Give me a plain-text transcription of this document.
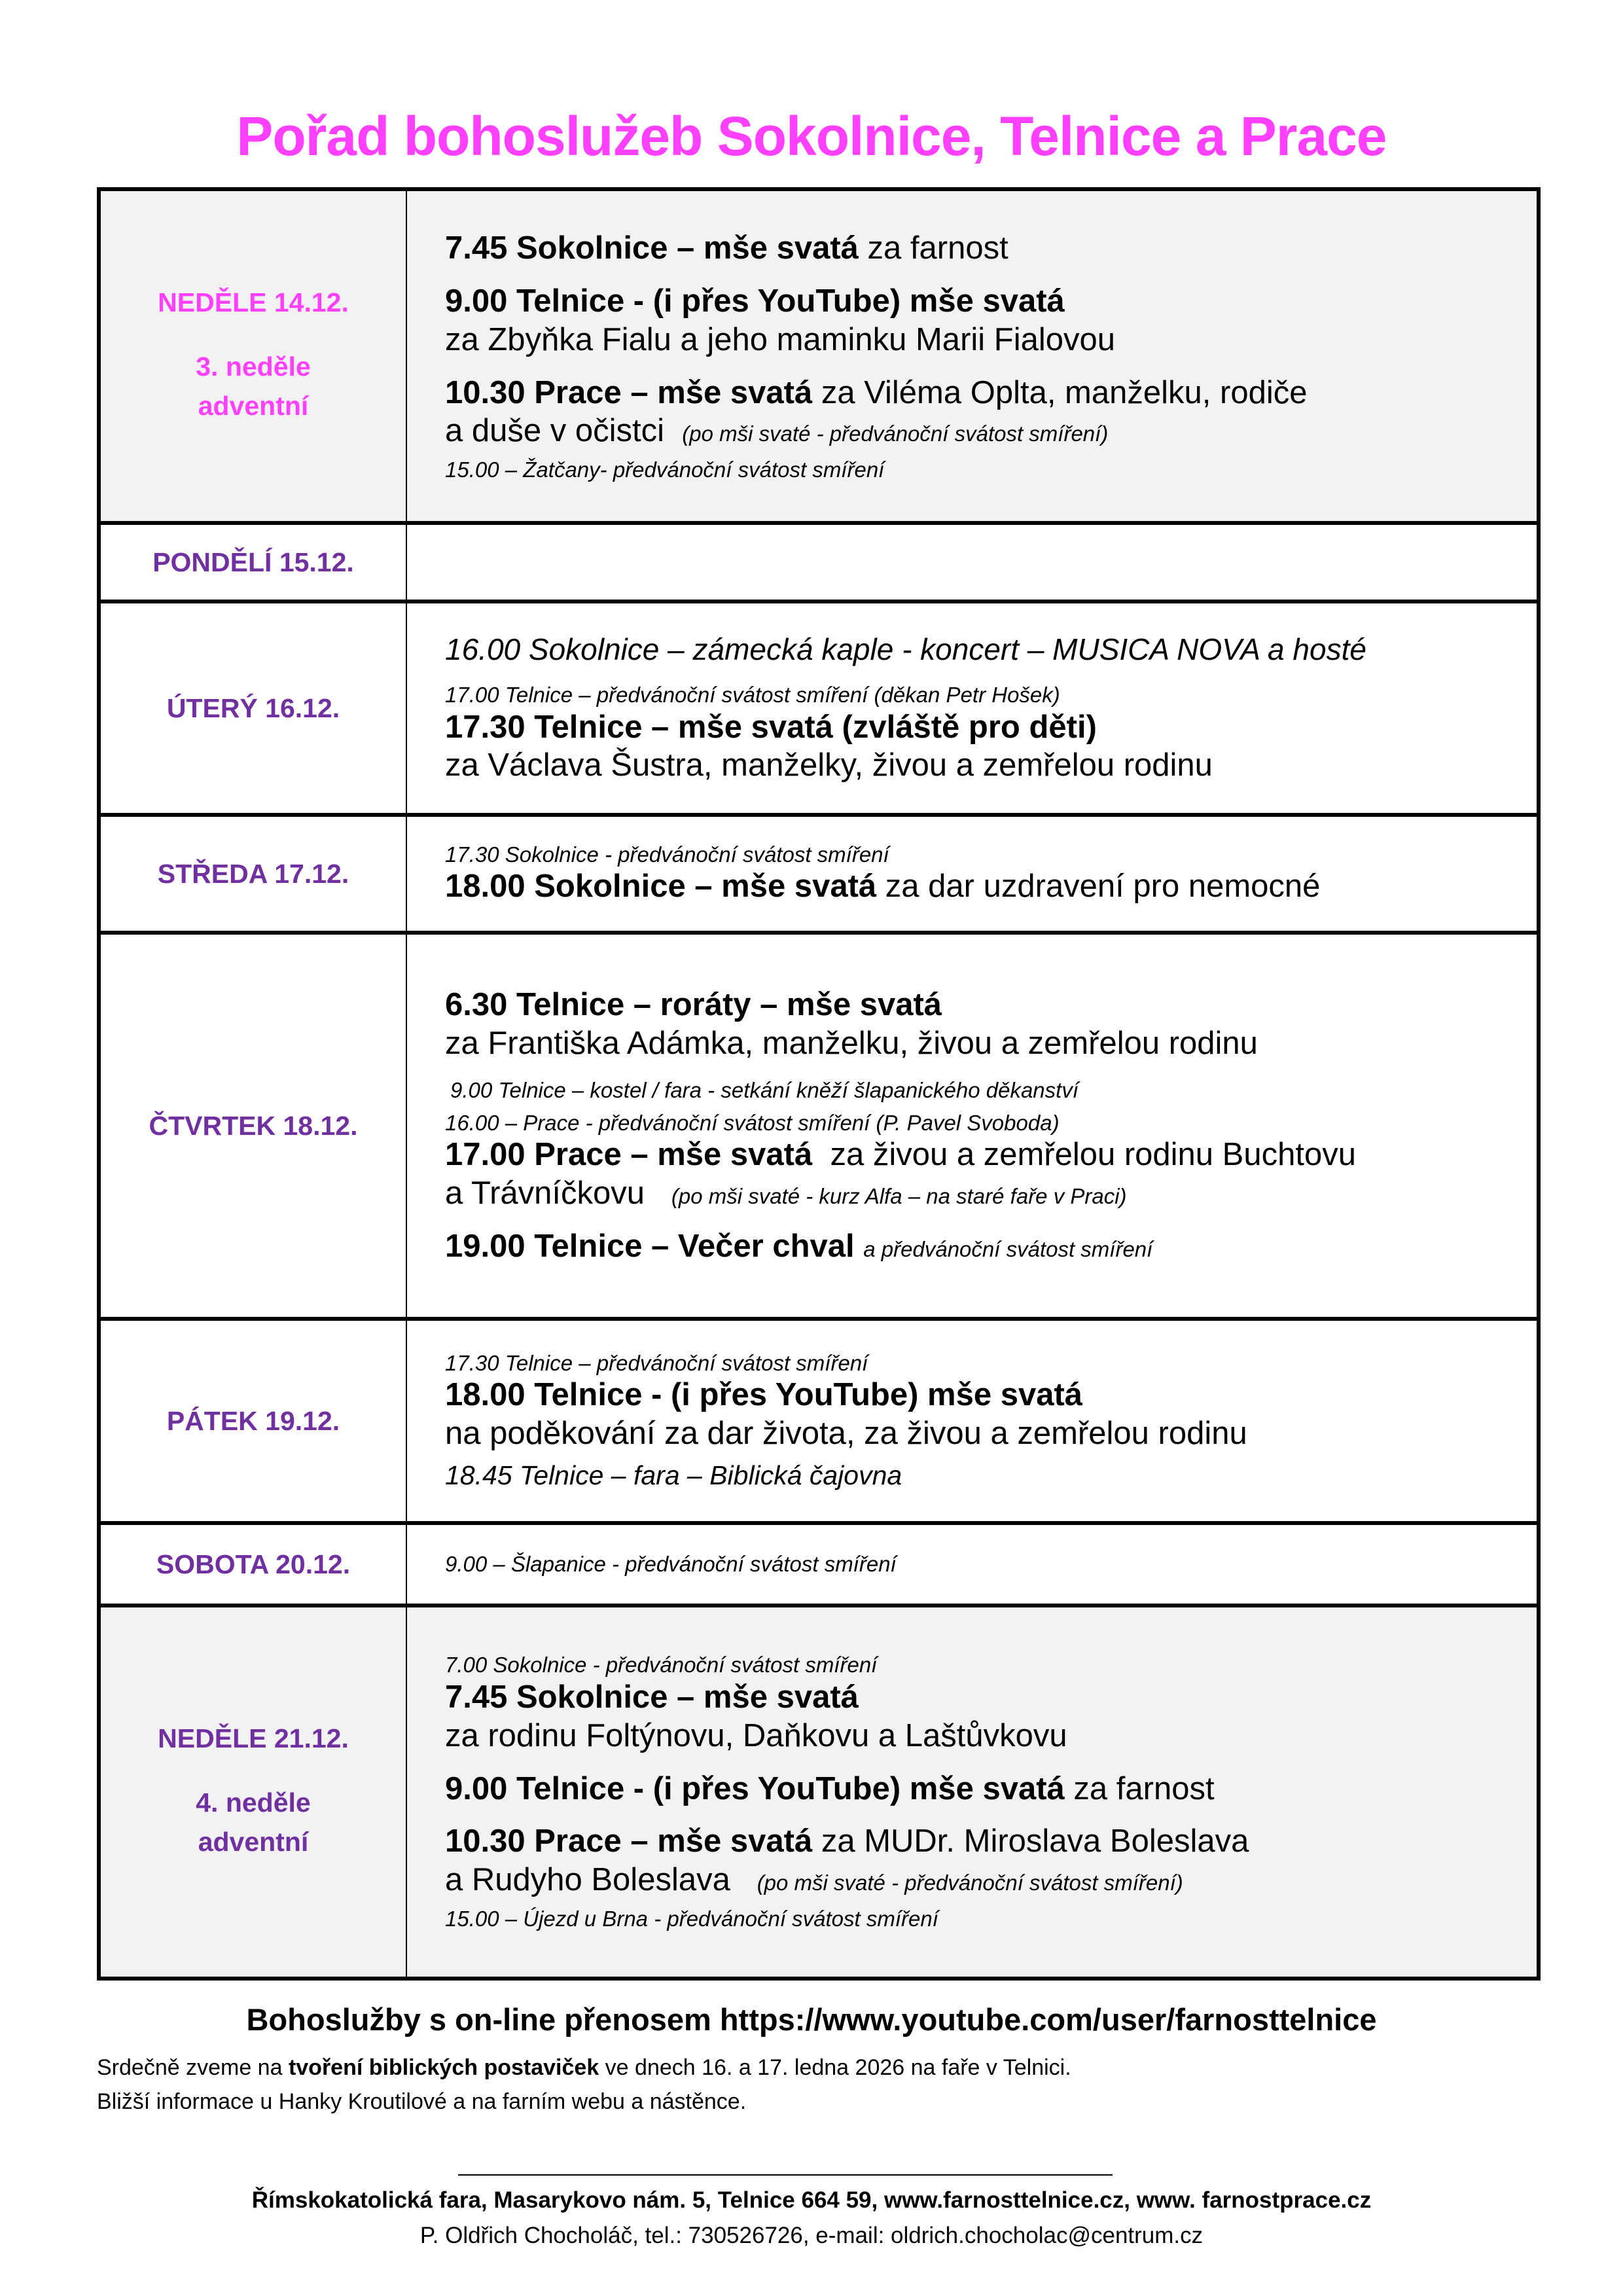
Pořad bohoslužeb Sokolnice, Telnice a Prace
NEDĚLE 14.12.
3. neděle
adventní
7.45 Sokolnice – mše svatá za farnost
9.00 Telnice - (i přes YouTube) mše svatá
za Zbyňka Fialu a jeho maminku Marii Fialovou
10.30 Prace – mše svatá za Viléma Oplta, manželku, rodiče
a duše v očistci (po mši svaté - předvánoční svátost smíření)
15.00 – Žatčany- předvánoční svátost smíření
PONDĚLÍ 15.12.
ÚTERÝ 16.12.
16.00 Sokolnice – zámecká kaple - koncert – MUSICA NOVA a hosté
17.00 Telnice – předvánoční svátost smíření (děkan Petr Hošek)
17.30 Telnice – mše svatá (zvláště pro děti)
za Václava Šustra, manželky, živou a zemřelou rodinu
STŘEDA 17.12.
17.30 Sokolnice - předvánoční svátost smíření
18.00 Sokolnice – mše svatá za dar uzdravení pro nemocné
ČTVRTEK 18.12.
6.30 Telnice – roráty – mše svatá
za Františka Adámka, manželku, živou a zemřelou rodinu
9.00 Telnice – kostel / fara - setkání kněží šlapanického děkanství
16.00 – Prace - předvánoční svátost smíření (P. Pavel Svoboda)
17.00 Prace – mše svatá  za živou a zemřelou rodinu Buchtovu
a Trávníčkovu (po mši svaté - kurz Alfa – na staré faře v Praci)
19.00 Telnice – Večer chval a předvánoční svátost smíření
PÁTEK 19.12.
17.30 Telnice – předvánoční svátost smíření
18.00 Telnice - (i přes YouTube) mše svatá
na poděkování za dar života, za živou a zemřelou rodinu
18.45 Telnice – fara – Biblická čajovna
SOBOTA 20.12.	9.00 – Šlapanice - předvánoční svátost smíření
NEDĚLE 21.12.
4. neděle
adventní
7.00 Sokolnice - předvánoční svátost smíření
7.45 Sokolnice – mše svatá
za rodinu Foltýnovu, Daňkovu a Laštůvkovu
9.00 Telnice - (i přes YouTube) mše svatá za farnost
10.30 Prace – mše svatá za MUDr. Miroslava Boleslava
a Rudyho Boleslava (po mši svaté - předvánoční svátost smíření)
15.00 – Újezd u Brna - předvánoční svátost smíření
Bohoslužby s on-line přenosem https://www.youtube.com/user/farnosttelnice
Srdečně zveme na tvoření biblických postaviček ve dnech 16. a 17. ledna 2026 na faře v Telnici.
Bližší informace u Hanky Kroutilové a na farním webu a nástěnce.
Římskokatolická fara, Masarykovo nám. 5, Telnice 664 59, www.farnosttelnice.cz, www. farnostprace.cz
P. Oldřich Chocholáč, tel.: 730526726, e-mail: oldrich.chocholac@centrum.cz
